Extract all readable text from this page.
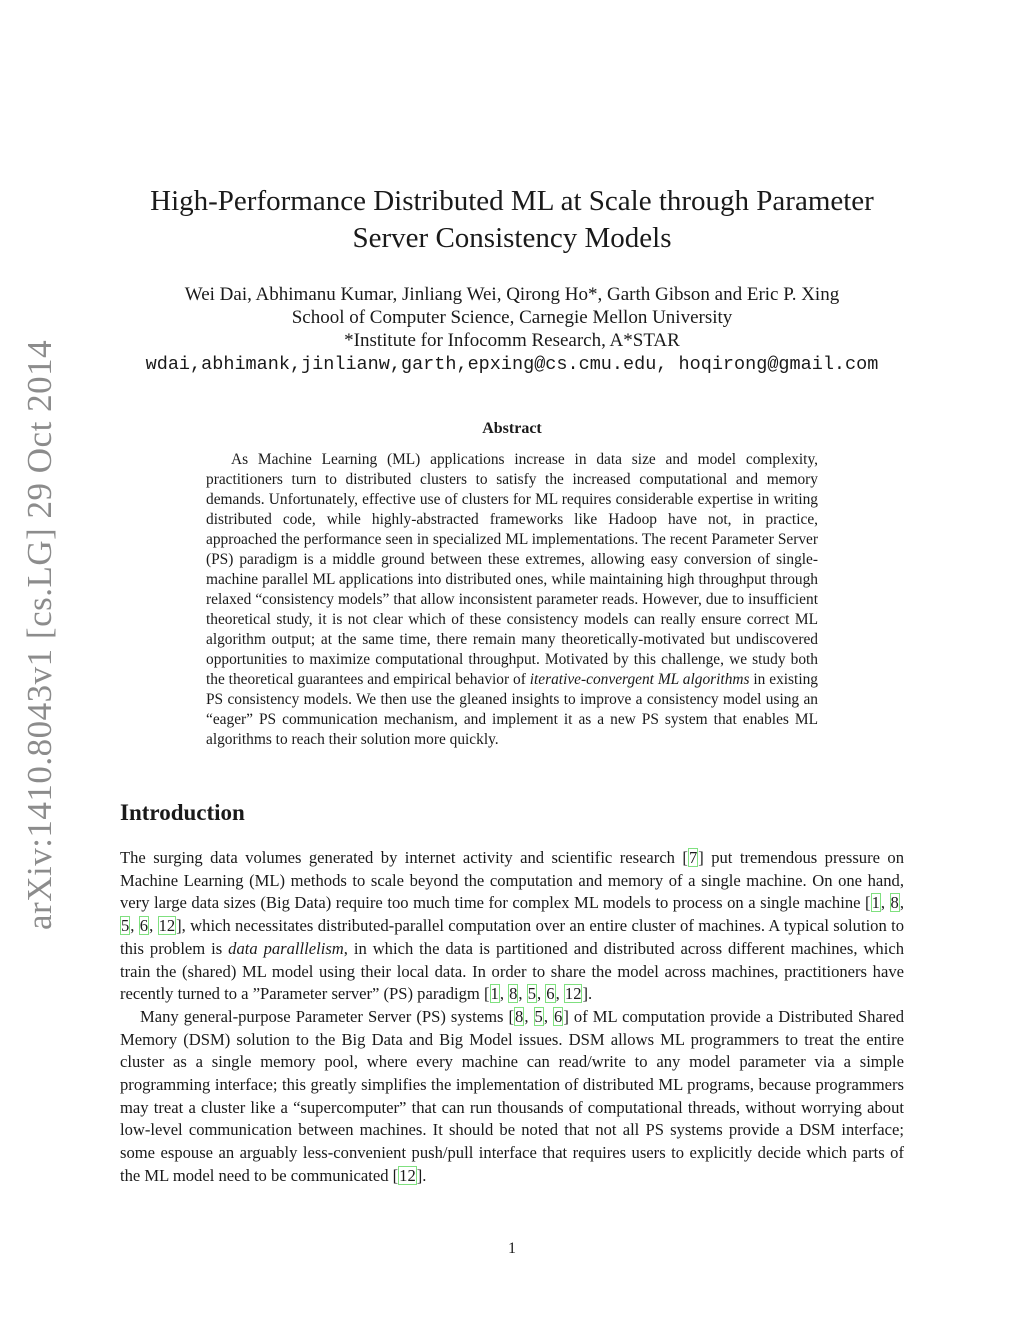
arXiv:1410.8043v1 [cs.LG] 29 Oct 2014
High-Performance Distributed ML at Scale through Parameter
Server Consistency Models
Wei Dai, Abhimanu Kumar, Jinliang Wei, Qirong Ho*, Garth Gibson and Eric P. Xing
School of Computer Science, Carnegie Mellon University
*Institute for Infocomm Research, A*STAR
wdai,abhimank,jinlianw,garth,epxing@cs.cmu.edu, hoqirong@gmail.com
Abstract

As Machine Learning (ML) applications increase in data size and model complexity, practitioners turn to distributed clusters to satisfy the increased computational and memory demands. Unfortunately, effective use of clusters for ML requires considerable expertise in writing distributed code, while highly-abstracted frameworks like Hadoop have not, in practice, approached the performance seen in specialized ML implementations. The recent Parameter Server (PS) paradigm is a middle ground between these extremes, allowing easy conversion of single-machine parallel ML applications into distributed ones, while maintaining high throughput through relaxed “consistency models” that allow inconsistent parameter reads. However, due to insufficient theoretical study, it is not clear which of these consistency models can really ensure correct ML algorithm output; at the same time, there remain many theoretically-motivated but undiscovered opportunities to maximize computational throughput. Motivated by this challenge, we study both the theoretical guarantees and empirical behavior of iterative-convergent ML algorithms in existing PS consistency models. We then use the gleaned insights to improve a consistency model using an “eager” PS communication mechanism, and implement it as a new PS system that enables ML algorithms to reach their solution more quickly.

Introduction

The surging data volumes generated by internet activity and scientific research [7] put tremendous pressure on Machine Learning (ML) methods to scale beyond the computation and memory of a single machine. On one hand, very large data sizes (Big Data) require too much time for complex ML models to process on a single machine [1, 8, 5, 6, 12], which necessitates distributed-parallel computation over an entire cluster of machines. A typical solution to this problem is data paralllelism, in which the data is partitioned and distributed across different machines, which train the (shared) ML model using their local data. In order to share the model across machines, practitioners have recently turned to a ”Parameter server” (PS) paradigm [1, 8, 5, 6, 12].

Many general-purpose Parameter Server (PS) systems [8, 5, 6] of ML computation provide a Distributed Shared Memory (DSM) solution to the Big Data and Big Model issues. DSM allows ML programmers to treat the entire cluster as a single memory pool, where every machine can read/write to any model parameter via a simple programming interface; this greatly simplifies the implementation of distributed ML programs, because programmers may treat a cluster like a “supercomputer” that can run thousands of computational threads, without worrying about low-level communication between machines. It should be noted that not all PS systems provide a DSM interface; some espouse an arguably less-convenient push/pull interface that requires users to explicitly decide which parts of the ML model need to be communicated [12].

1
